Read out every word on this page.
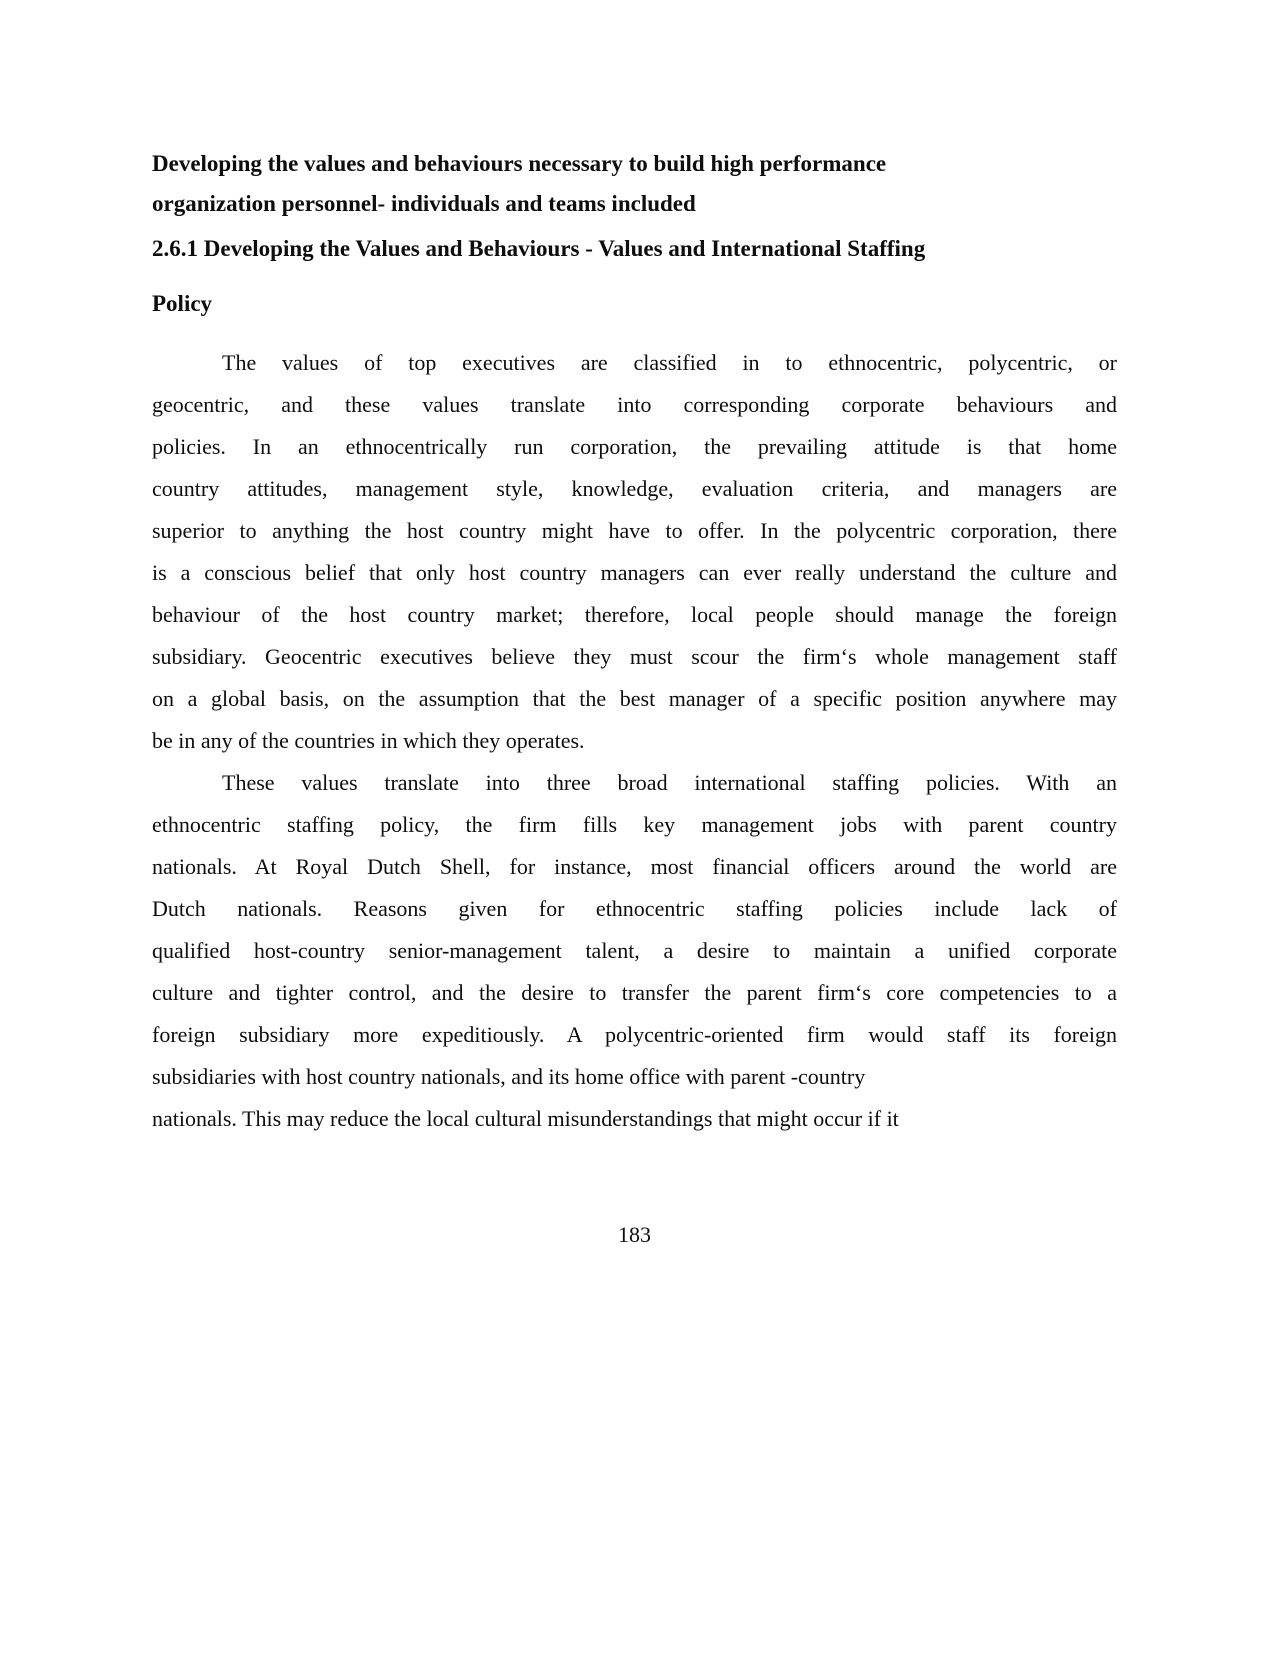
Developing the values and behaviours necessary to build high performance
organization personnel- individuals and teams included
2.6.1 Developing the Values and Behaviours - Values and International Staffing
Policy
The values of top executives are classified in to ethnocentric, polycentric, or
geocentric, and these values translate into corresponding corporate behaviours and
policies. In an ethnocentrically run corporation, the prevailing attitude is that home
country attitudes, management style, knowledge, evaluation criteria, and managers are
superior to anything the host country might have to offer. In the polycentric corporation, there
is a conscious belief that only host country managers can ever really understand the culture and
behaviour of the host country market; therefore, local people should manage the foreign
subsidiary. Geocentric executives believe they must scour the firm‘s whole management staff
on a global basis, on the assumption that the best manager of a specific position anywhere may
be in any of the countries in which they operates.
These values translate into three broad international staffing policies. With an
ethnocentric staffing policy, the firm fills key management jobs with parent country
nationals. At Royal Dutch Shell, for instance, most financial officers around the world are
Dutch nationals. Reasons given for ethnocentric staffing policies include lack of
qualified host-country senior-management talent, a desire to maintain a unified corporate
culture and tighter control, and the desire to transfer the parent firm‘s core competencies to a
foreign subsidiary more expeditiously. A polycentric-oriented firm would staff its foreign
subsidiaries with host country nationals, and its home office with parent -country
nationals. This may reduce the local cultural misunderstandings that might occur if it
183
